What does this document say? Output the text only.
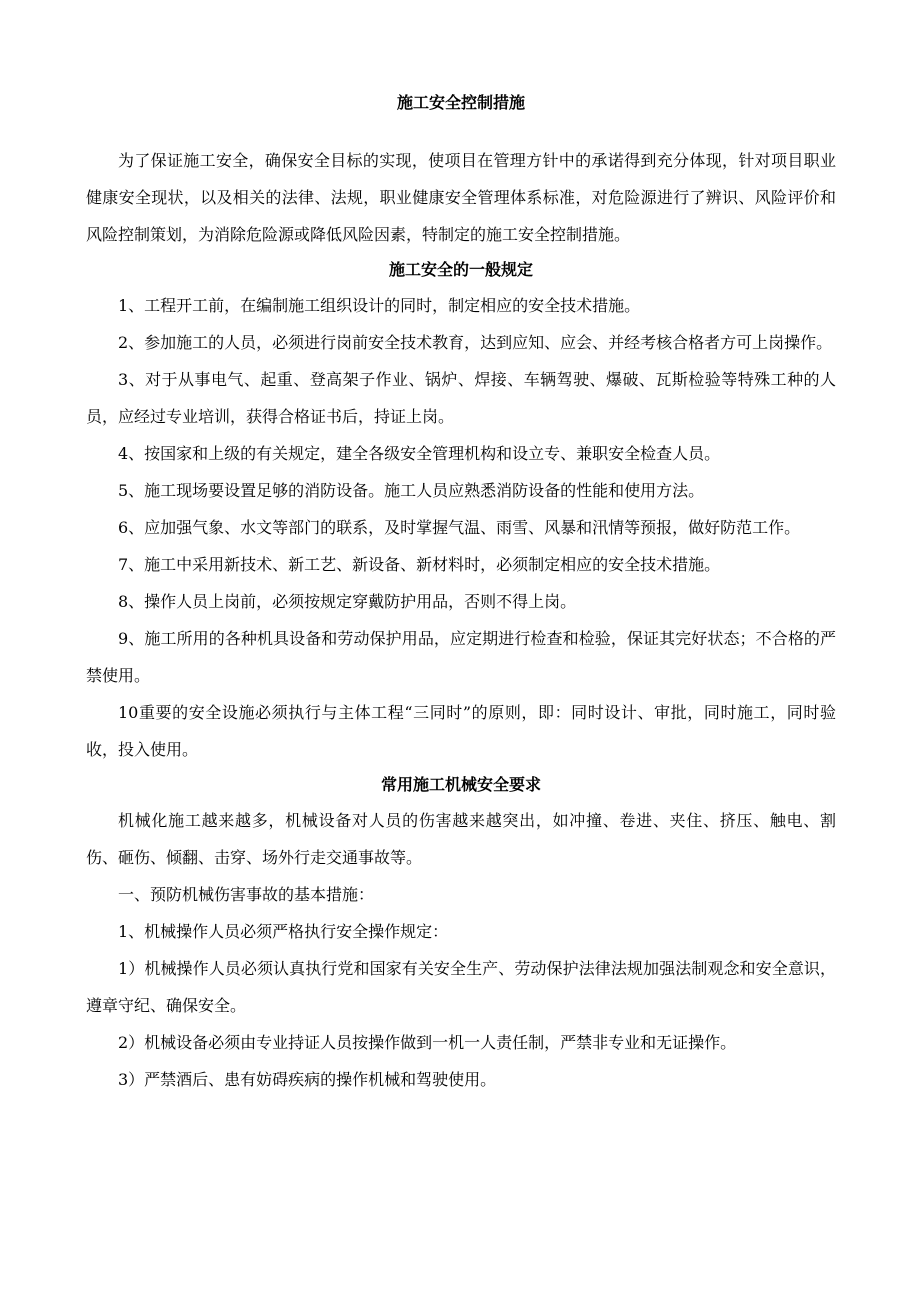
施工安全控制措施

为了保证施工安全，确保安全目标的实现，使项目在管理方针中的承诺得到充分体现，针对项目职业健康安全现状，以及相关的法律、法规，职业健康安全管理体系标准，对危险源进行了辨识、风险评价和风险控制策划，为消除危险源或降低风险因素，特制定的施工安全控制措施。

施工安全的一般规定

1、工程开工前，在编制施工组织设计的同时，制定相应的安全技术措施。

2、参加施工的人员，必须进行岗前安全技术教育，达到应知、应会、并经考核合格者方可上岗操作。

3、对于从事电气、起重、登高架子作业、锅炉、焊接、车辆驾驶、爆破、瓦斯检验等特殊工种的人员，应经过专业培训，获得合格证书后，持证上岗。

4、按国家和上级的有关规定，建全各级安全管理机构和设立专、兼职安全检查人员。

5、施工现场要设置足够的消防设备。施工人员应熟悉消防设备的性能和使用方法。

6、应加强气象、水文等部门的联系，及时掌握气温、雨雪、风暴和汛情等预报，做好防范工作。

7、施工中采用新技术、新工艺、新设备、新材料时，必须制定相应的安全技术措施。

8、操作人员上岗前，必须按规定穿戴防护用品，否则不得上岗。

9、施工所用的各种机具设备和劳动保护用品，应定期进行检查和检验，保证其完好状态；不合格的严禁使用。

10重要的安全设施必须执行与主体工程“三同时”的原则，即：同时设计、审批，同时施工，同时验收，投入使用。

常用施工机械安全要求

机械化施工越来越多，机械设备对人员的伤害越来越突出，如冲撞、卷进、夹住、挤压、触电、割伤、砸伤、倾翻、击穿、场外行走交通事故等。

一、预防机械伤害事故的基本措施：

1、机械操作人员必须严格执行安全操作规定：

1）机械操作人员必须认真执行党和国家有关安全生产、劳动保护法律法规加强法制观念和安全意识，遵章守纪、确保安全。

2）机械设备必须由专业持证人员按操作做到一机一人责任制，严禁非专业和无证操作。

3）严禁酒后、患有妨碍疾病的操作机械和驾驶使用。
